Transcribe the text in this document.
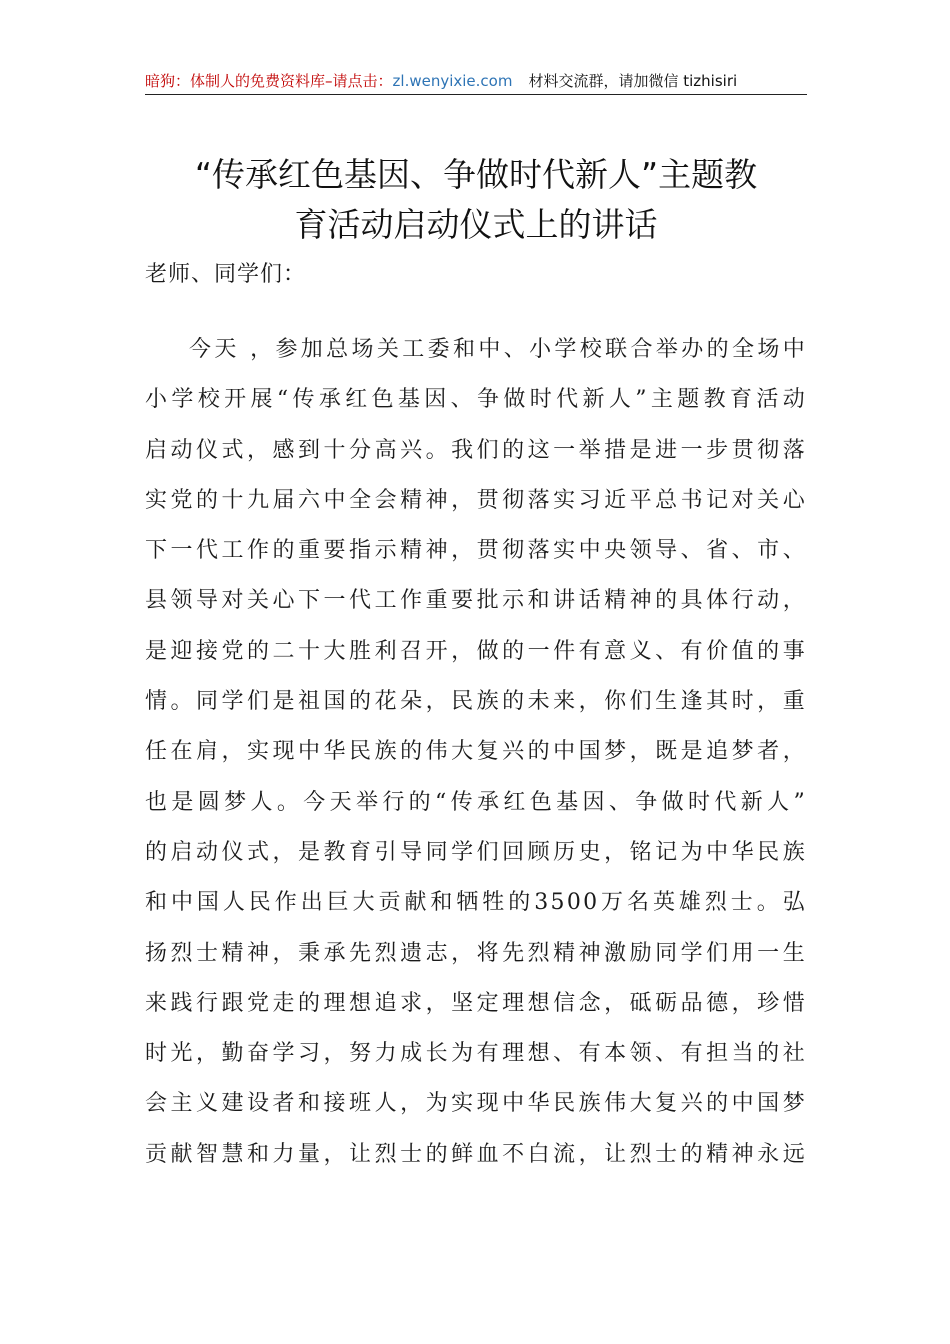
暗狗：体制人的免费资料库–请点击：zl.wenyixie.com 材料交流群，请加微信 tizhisiri
“传承红色基因、争做时代新人”主题教
育活动启动仪式上的讲话
老师、同学们：
今天 ，参加总场关工委和中、小学校联合举办的全场中
小学校开展“传承红色基因、争做时代新人”主题教育活动
启动仪式，感到十分高兴。我们的这一举措是进一步贯彻落
实党的十九届六中全会精神，贯彻落实习近平总书记对关心
下一代工作的重要指示精神，贯彻落实中央领导、省、市、
县领导对关心下一代工作重要批示和讲话精神的具体行动，
是迎接党的二十大胜利召开，做的一件有意义、有价值的事
情。同学们是祖国的花朵，民族的未来，你们生逢其时，重
任在肩，实现中华民族的伟大复兴的中国梦，既是追梦者，
也是圆梦人。今天举行的“传承红色基因、争做时代新人”
的启动仪式，是教育引导同学们回顾历史，铭记为中华民族
和中国人民作出巨大贡献和牺牲的3500万名英雄烈士。弘
扬烈士精神，秉承先烈遗志，将先烈精神激励同学们用一生
来践行跟党走的理想追求，坚定理想信念，砥砺品德，珍惜
时光，勤奋学习，努力成长为有理想、有本领、有担当的社
会主义建设者和接班人，为实现中华民族伟大复兴的中国梦
贡献智慧和力量，让烈士的鲜血不白流，让烈士的精神永远
